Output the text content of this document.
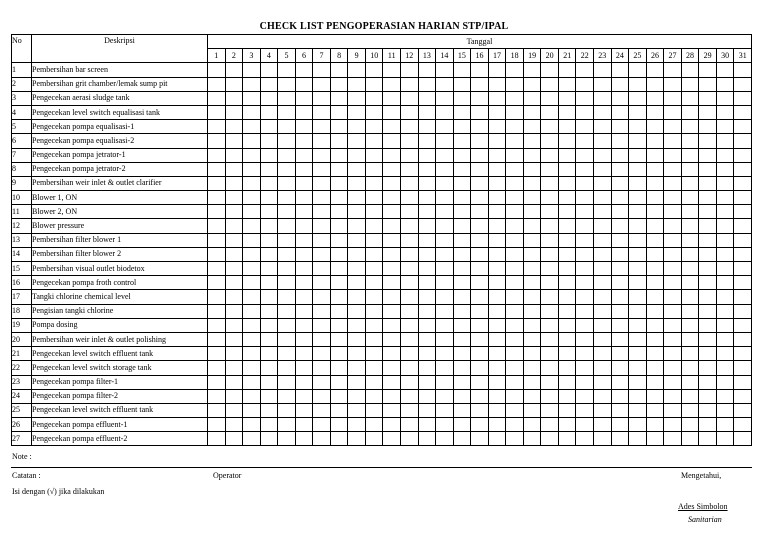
CHECK LIST PENGOPERASIAN HARIAN STP/IPAL
No	Deskripsi	Tanggal																														
		1	2	3	4	5	6	7	8	9	10	11	12	13	14	15	16	17	18	19	20	21	22	23	24	25	26	27	28	29	30	31
1	Pembersihan bar screen																															
2	Pembersihan grit chamber/lemak sump pit																															
3	Pengecekan aerasi sludge tank																															
4	Pengecekan level switch equalisasi tank																															
5	Pengecekan pompa equalisasi-1																															
6	Pengecekan pompa equalisasi-2																															
7	Pengecekan pompa jetrator-1																															
8	Pengecekan pompa jetrator-2																															
9	Pembersihan weir inlet & outlet clarifier																															
10	Blower 1, ON																															
11	Blower 2, ON																															
12	Blower pressure																															
13	Pembersihan filter blower 1																															
14	Pembersihan filter blower 2																															
15	Pembersihan visual outlet biodetox																															
16	Pengecekan pompa froth control																															
17	Tangki chlorine chemical level																															
18	Pengisian tangki chlorine																															
19	Pompa dosing																															
20	Pembersihan weir inlet & outlet polishing																															
21	Pengecekan level switch effluent tank																															
22	Pengecekan level switch storage tank																															
23	Pengecekan pompa filter-1																															
24	Pengecekan pompa filter-2																															
25	Pengecekan level switch effluent tank																															
26	Pengecekan pompa effluent-1																															
27	Pengecekan pompa effluent-2																															
Note :
Catatan :	Operator	Mengetahui,
Isi dengan (√) jika dilakukan
Ades Simbolon
Sanitarian
